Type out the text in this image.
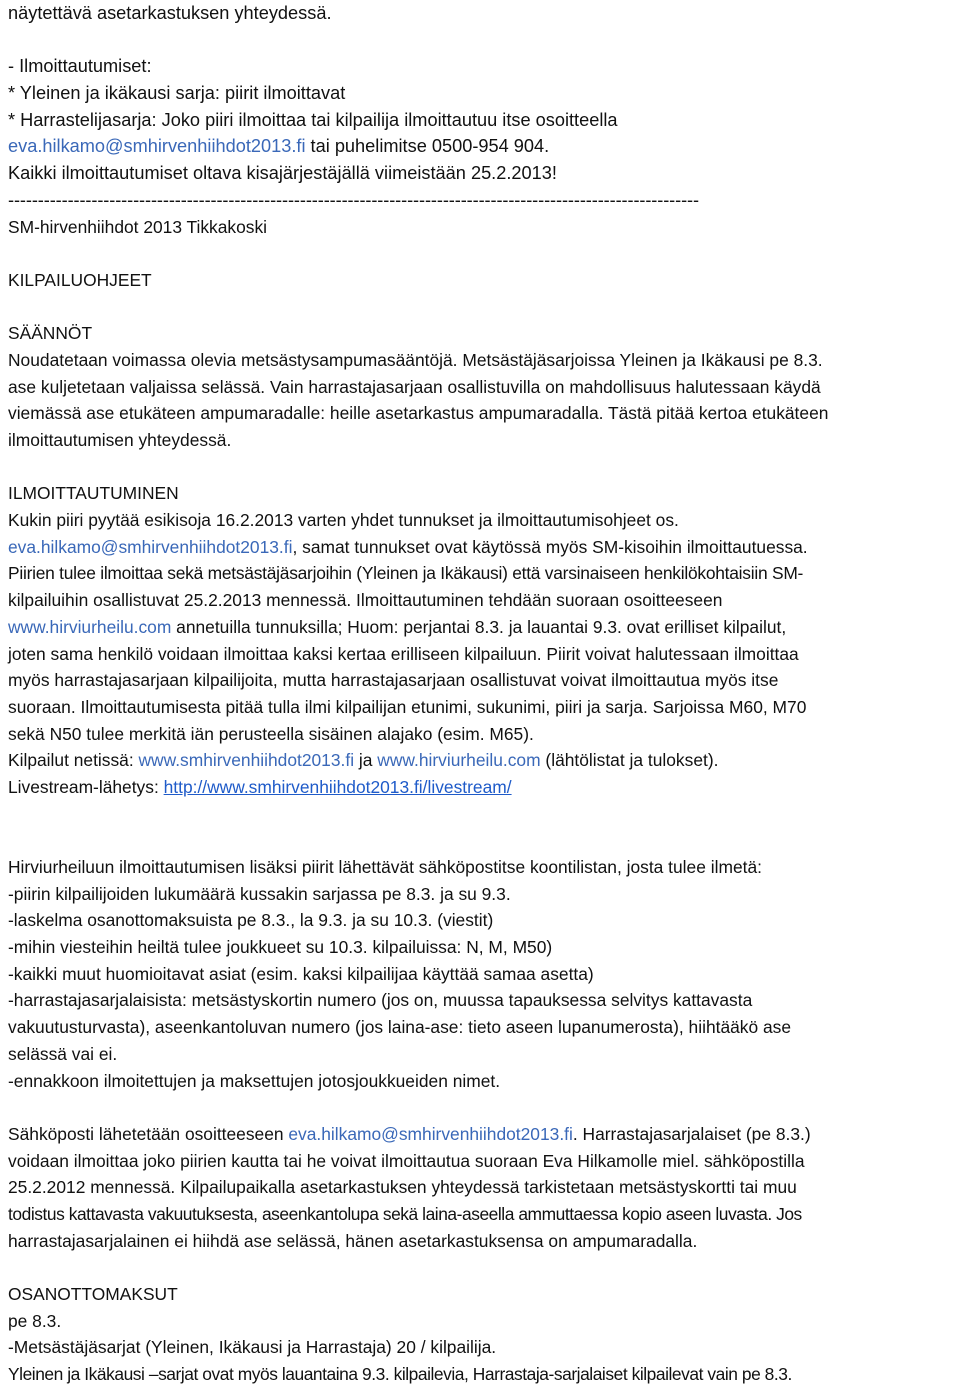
näytettävä asetarkastuksen yhteydessä.
- Ilmoittautumiset:
* Yleinen ja ikäkausi sarja: piirit ilmoittavat
* Harrastelijasarja: Joko piiri ilmoittaa tai kilpailija ilmoittautuu itse osoitteella
eva.hilkamo@smhirvenhiihdot2013.fi tai puhelimitse 0500-954 904.
Kaikki ilmoittautumiset oltava kisajärjestäjällä viimeistään 25.2.2013!
--------------------------------------------------------------------------------------------------------------------
SM-hirvenhiihdot 2013 Tikkakoski
KILPAILUOHJEET
SÄÄNNÖT
Noudatetaan voimassa olevia metsästysampumasääntöjä. Metsästäjäsarjoissa Yleinen ja Ikäkausi pe 8.3.
ase kuljetetaan valjaissa selässä. Vain harrastajasarjaan osallistuvilla on mahdollisuus halutessaan käydä
viemässä ase etukäteen ampumaradalle: heille asetarkastus ampumaradalla. Tästä pitää kertoa etukäteen
ilmoittautumisen yhteydessä.
ILMOITTAUTUMINEN
Kukin piiri pyytää esikisoja 16.2.2013 varten yhdet tunnukset ja ilmoittautumisohjeet os.
eva.hilkamo@smhirvenhiihdot2013.fi, samat tunnukset ovat käytössä myös SM-kisoihin ilmoittautuessa.
Piirien tulee ilmoittaa sekä metsästäjäsarjoihin (Yleinen ja Ikäkausi) että varsinaiseen henkilökohtaisiin SM-
kilpailuihin osallistuvat 25.2.2013 mennessä. Ilmoittautuminen tehdään suoraan osoitteeseen
www.hirviurheilu.com annetuilla tunnuksilla; Huom: perjantai 8.3. ja lauantai 9.3. ovat erilliset kilpailut,
joten sama henkilö voidaan ilmoittaa kaksi kertaa erilliseen kilpailuun. Piirit voivat halutessaan ilmoittaa
myös harrastajasarjaan kilpailijoita, mutta harrastajasarjaan osallistuvat voivat ilmoittautua myös itse
suoraan. Ilmoittautumisesta pitää tulla ilmi kilpailijan etunimi, sukunimi, piiri ja sarja. Sarjoissa M60, M70
sekä N50 tulee merkitä iän perusteella sisäinen alajako (esim. M65).
Kilpailut netissä: www.smhirvenhiihdot2013.fi ja www.hirviurheilu.com (lähtölistat ja tulokset).
Livestream-lähetys: http://www.smhirvenhiihdot2013.fi/livestream/
Hirviurheiluun ilmoittautumisen lisäksi piirit lähettävät sähköpostitse koontilistan, josta tulee ilmetä:
-piirin kilpailijoiden lukumäärä kussakin sarjassa pe 8.3. ja su 9.3.
-laskelma osanottomaksuista pe 8.3., la 9.3. ja su 10.3. (viestit)
-mihin viesteihin heiltä tulee joukkueet su 10.3. kilpailuissa: N, M, M50)
-kaikki muut huomioitavat asiat (esim. kaksi kilpailijaa käyttää samaa asetta)
-harrastajasarjalaisista: metsästyskortin numero (jos on, muussa tapauksessa selvitys kattavasta
vakuutusturvasta), aseenkantoluvan numero (jos laina-ase: tieto aseen lupanumerosta), hiihtääkö ase
selässä vai ei.
-ennakkoon ilmoitettujen ja maksettujen jotosjoukkueiden nimet.
Sähköposti lähetetään osoitteeseen eva.hilkamo@smhirvenhiihdot2013.fi. Harrastajasarjalaiset (pe 8.3.)
voidaan ilmoittaa joko piirien kautta tai he voivat ilmoittautua suoraan Eva Hilkamolle miel. sähköpostilla
25.2.2012 mennessä. Kilpailupaikalla asetarkastuksen yhteydessä tarkistetaan metsästyskortti tai muu
todistus kattavasta vakuutuksesta, aseenkantolupa sekä laina-aseella ammuttaessa kopio aseen luvasta. Jos
harrastajasarjalainen ei hiihdä ase selässä, hänen asetarkastuksensa on ampumaradalla.
OSANOTTOMAKSUT
pe 8.3.
-Metsästäjäsarjat (Yleinen, Ikäkausi ja Harrastaja) 20 / kilpailija.
Yleinen ja Ikäkausi –sarjat ovat myös lauantaina 9.3. kilpailevia, Harrastaja-sarjalaiset kilpailevat vain pe 8.3.
